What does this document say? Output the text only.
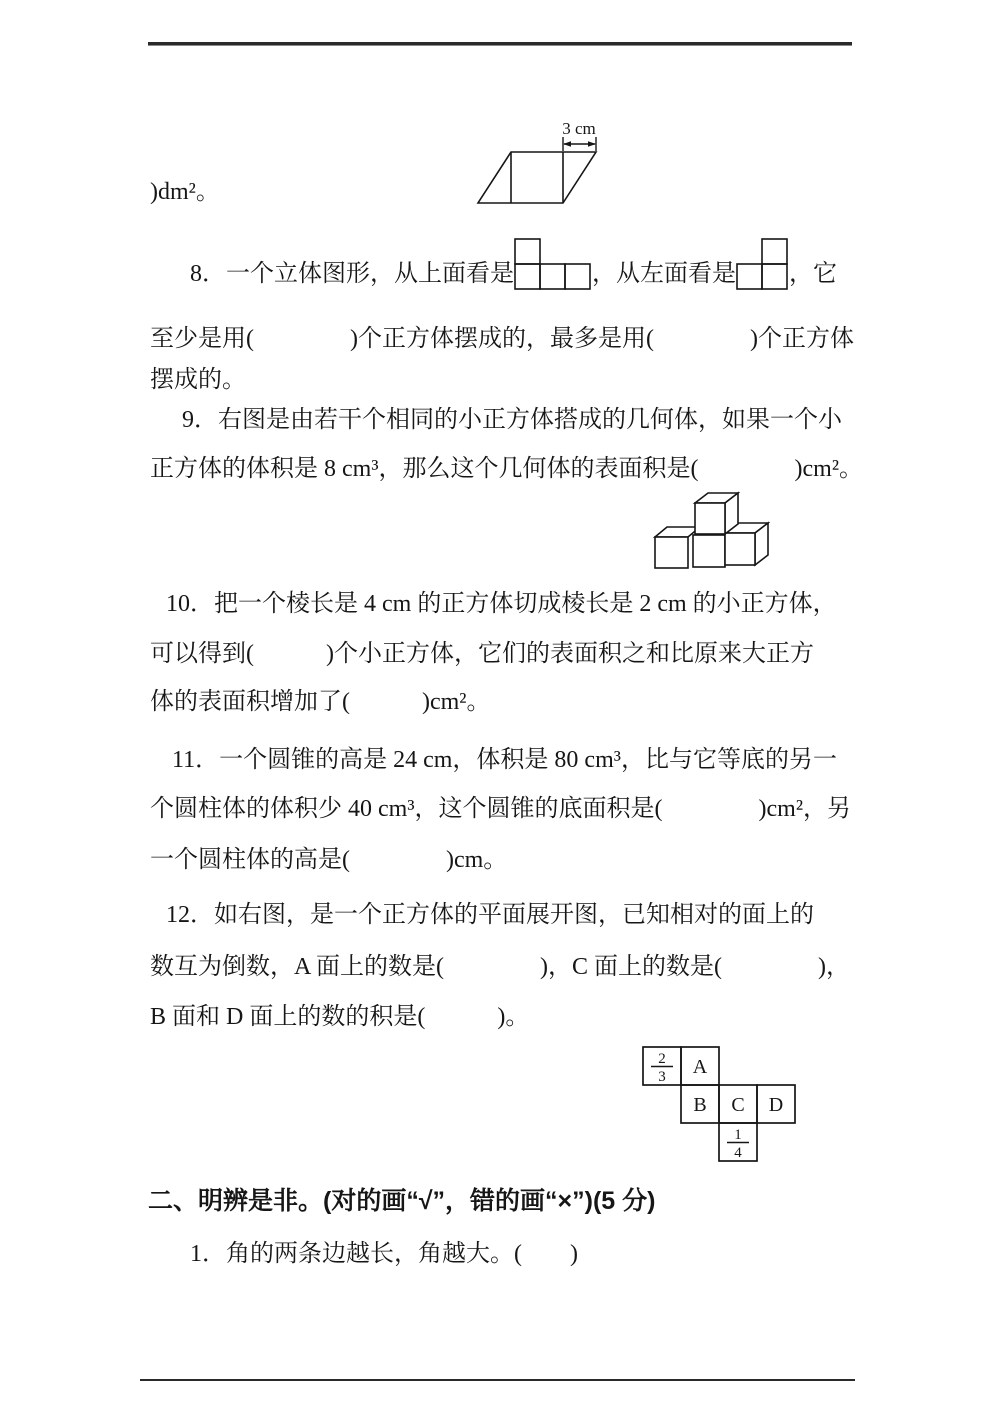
3 cm
)dm²。
8．一个立体图形，从上面看是	，从左面看是 ，它
至少是用(　　　　)个正方体摆成的，最多是用(　　　　)个正方体
摆成的。
9．右图是由若干个相同的小正方体搭成的几何体，如果一个小
正方体的体积是 8 cm³，那么这个几何体的表面积是(　　　　)cm²。
10．把一个棱长是 4 cm 的正方体切成棱长是 2 cm 的小正方体，
可以得到(　　　)个小正方体，它们的表面积之和比原来大正方
体的表面积增加了(　　　)cm²。
11．一个圆锥的高是 24 cm，体积是 80 cm³，比与它等底的另一
个圆柱体的体积少 40 cm³，这个圆锥的底面积是(　　　　)cm²，另
一个圆柱体的高是(　　　　)cm。
12．如右图，是一个正方体的平面展开图，已知相对的面上的
数互为倒数，A 面上的数是(　　　　)，C 面上的数是(　　　　)，
B 面和 D 面上的数的积是(　　　)。
2
3
1
4
A
B C D
二、明辨是非。(对的画“√”，错的画“×”)(5 分)
1．角的两条边越长，角越大。(　　)
